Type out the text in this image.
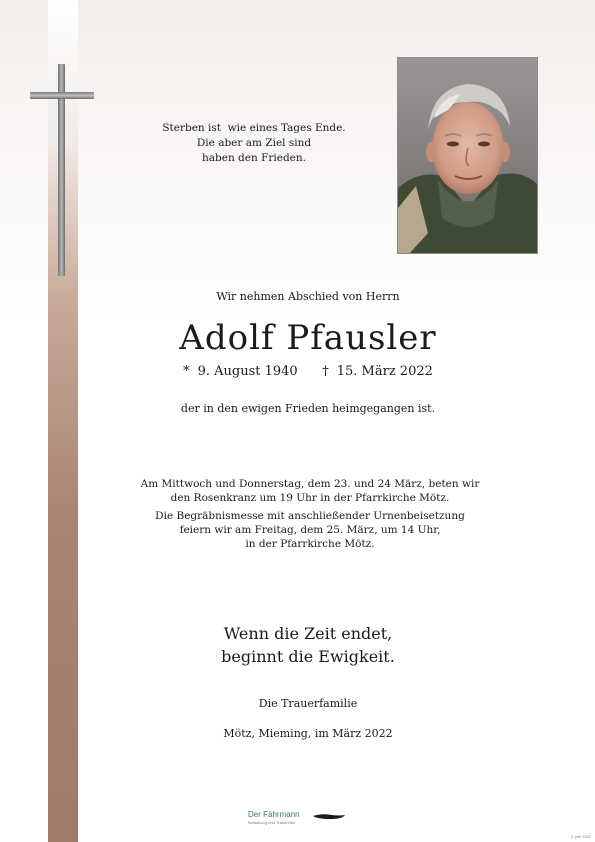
Sterben ist  wie eines Tages Ende.
Die aber am Ziel sind
haben den Frieden.
Wir nehmen Abschied von Herrn
Adolf Pfausler
* 9. August 1940 † 15. März 2022
der in den ewigen Frieden heimgegangen ist.

Am Mittwoch und Donnerstag, dem 23. und 24 März, beten wir
den Rosenkranz um 19 Uhr in der Pfarrkirche Mötz.

Die Begräbnismesse mit anschließender Urnenbeisetzung
feiern wir am Freitag, dem 25. März, um 14 Uhr,
in der Pfarrkirche Mötz.

Wenn die Zeit endet,
beginnt die Ewigkeit.
Die Trauerfamilie
Mötz, Mieming, im März 2022
Der Fährmann
Bestattung und Trauerhilfe
© jvbl 2022
